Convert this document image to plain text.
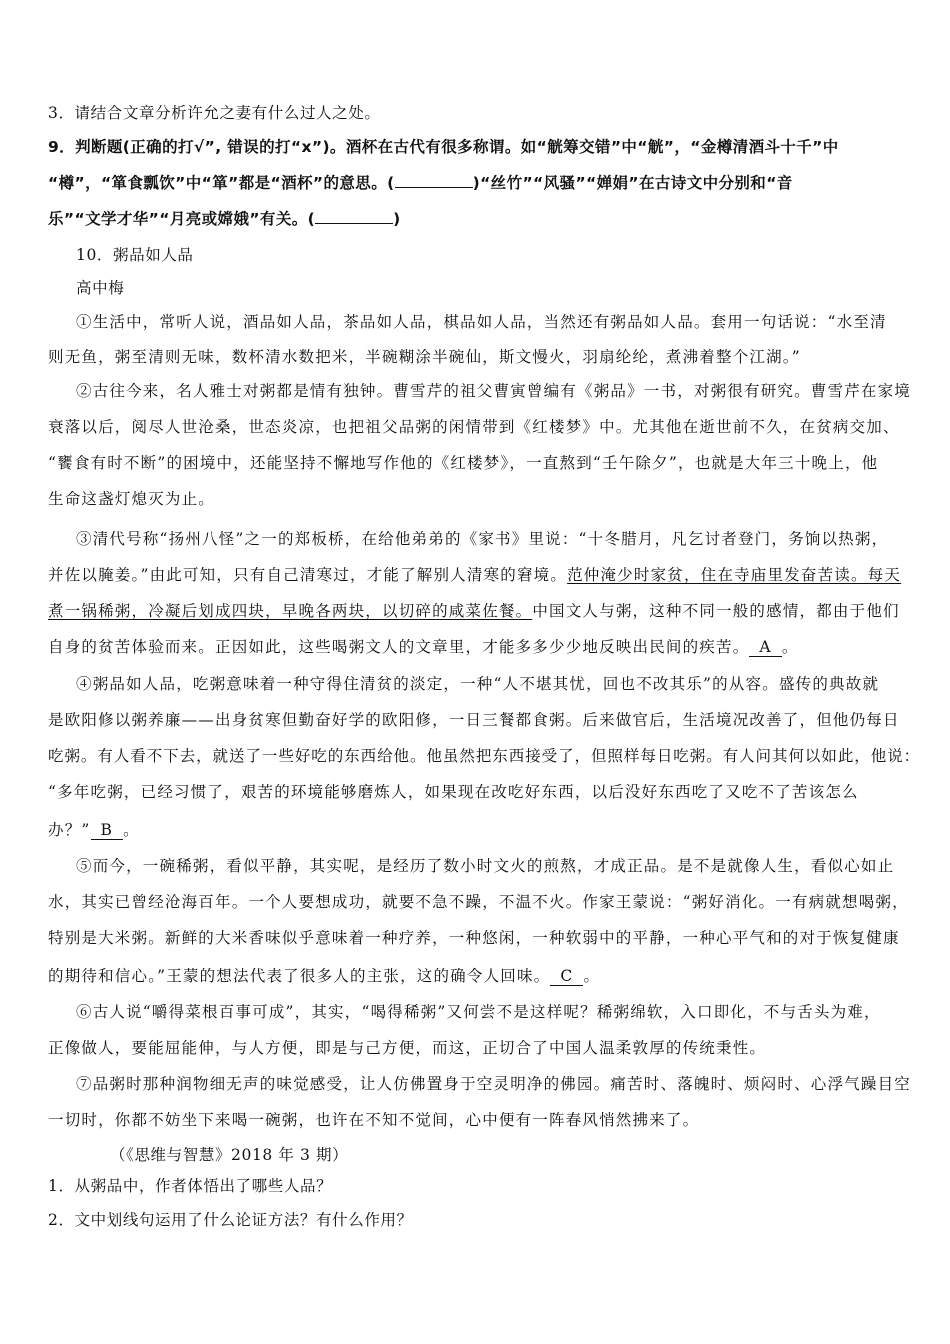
3．请结合文章分析许允之妻有什么过人之处。
9．判断题(正确的打√”, 错误的打“x”)。酒杯在古代有很多称谓。如“觥筹交错”中“觥”，“金樽清酒斗十千”中
“樽”，“箪食瓢饮”中“箪”都是“酒杯”的意思。(	)“丝竹”“风骚”“婵娟”在古诗文中分别和“音
乐”“文学才华”“月亮或嫦娥”有关。(	)
10．粥品如人品
高中梅
①生活中，常听人说，酒品如人品，茶品如人品，棋品如人品，当然还有粥品如人品。套用一句话说：“水至清
则无鱼，粥至清则无味，数杯清水数把米，半碗糊涂半碗仙，斯文慢火，羽扇纶纶，煮沸着整个江湖。”
②古往今来，名人雅士对粥都是情有独钟。曹雪芹的祖父曹寅曾编有《粥品》一书，对粥很有研究。曹雪芹在家境
衰落以后，阅尽人世沧桑，世态炎凉，也把祖父品粥的闲情带到《红楼梦》中。尤其他在逝世前不久，在贫病交加、
“饔食有时不断”的困境中，还能坚持不懈地写作他的《红楼梦》，一直熬到“壬午除夕”，也就是大年三十晚上，他
生命这盏灯熄灭为止。
③清代号称“扬州八怪”之一的郑板桥，在给他弟弟的《家书》里说：“十冬腊月，凡乞讨者登门，务饷以热粥，
并佐以腌姜。”由此可知，只有自己清寒过，才能了解别人清寒的窘境。范仲淹少时家贫，住在寺庙里发奋苦读。每天
煮一锅稀粥，冷凝后划成四块，早晚各两块，以切碎的咸菜佐餐。中国文人与粥，这种不同一般的感情，都由于他们
自身的贫苦体验而来。正因如此，这些喝粥文人的文章里，才能多多少少地反映出民间的疾苦。 A 。
④粥品如人品，吃粥意味着一种守得住清贫的淡定，一种“人不堪其忧，回也不改其乐”的从容。盛传的典故就
是欧阳修以粥养廉——出身贫寒但勤奋好学的欧阳修，一日三餐都食粥。后来做官后，生活境况改善了，但他仍每日
吃粥。有人看不下去，就送了一些好吃的东西给他。他虽然把东西接受了，但照样每日吃粥。有人问其何以如此，他说：
“多年吃粥，已经习惯了，艰苦的环境能够磨炼人，如果现在改吃好东西，以后没好东西吃了又吃不了苦该怎么
办？” B 。
⑤而今，一碗稀粥，看似平静，其实呢，是经历了数小时文火的煎熬，才成正品。是不是就像人生，看似心如止
水，其实已曾经沧海百年。一个人要想成功，就要不急不躁，不温不火。作家王蒙说：“粥好消化。一有病就想喝粥，
特别是大米粥。新鲜的大米香味似乎意味着一种疗养，一种悠闲，一种软弱中的平静，一种心平气和的对于恢复健康
的期待和信心。”王蒙的想法代表了很多人的主张，这的确令人回味。 C 。
⑥古人说“嚼得菜根百事可成”，其实，“喝得稀粥”又何尝不是这样呢？稀粥绵软，入口即化，不与舌头为难，
正像做人，要能屈能伸，与人方便，即是与己方便，而这，正切合了中国人温柔敦厚的传统秉性。
⑦品粥时那种润物细无声的味觉感受，让人仿佛置身于空灵明净的佛园。痛苦时、落魄时、烦闷时、心浮气躁目空
一切时，你都不妨坐下来喝一碗粥，也许在不知不觉间，心中便有一阵春风悄然拂来了。
（《思维与智慧》2018 年 3 期）
1．从粥品中，作者体悟出了哪些人品？
2．文中划线句运用了什么论证方法？有什么作用？
